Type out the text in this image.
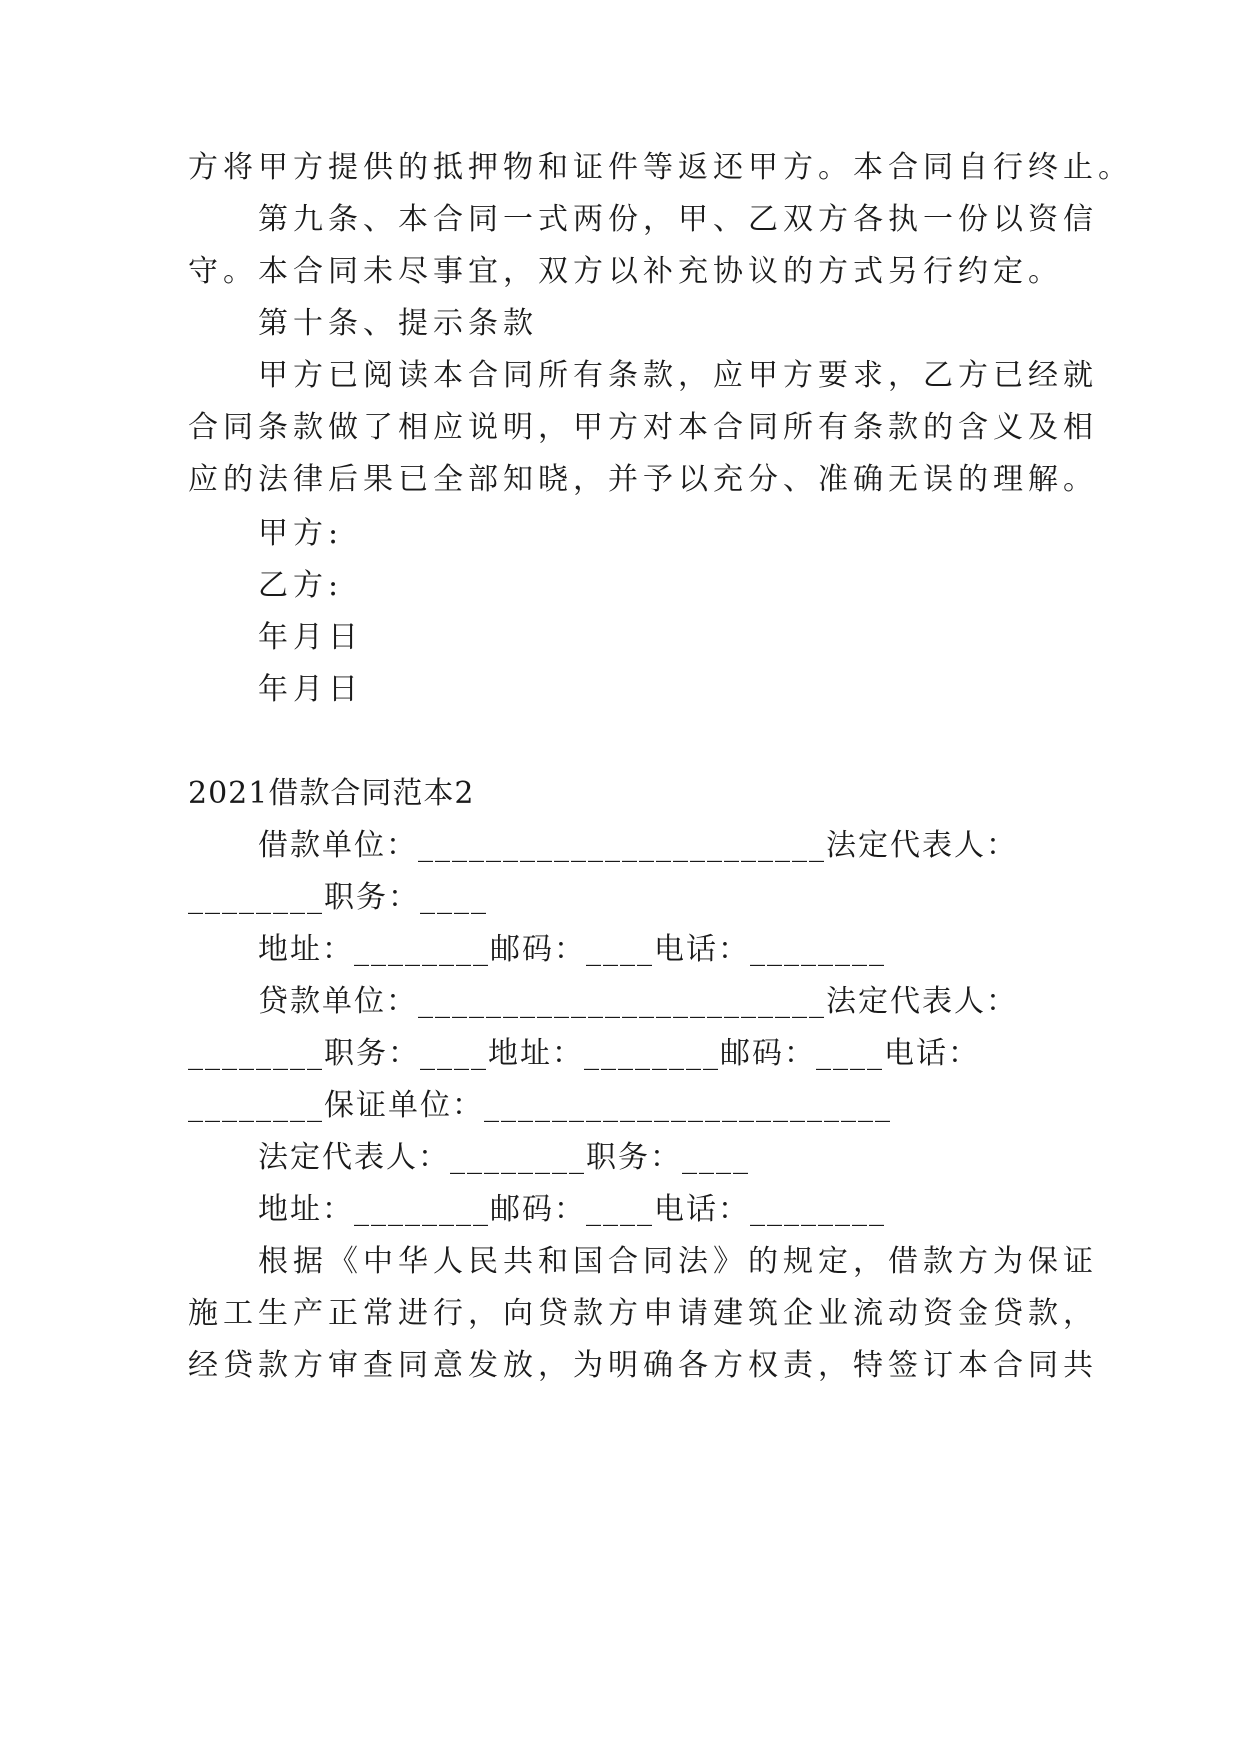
方将甲方提供的抵押物和证件等返还甲方。本合同自行终止。
第九条、本合同一式两份，甲、乙双方各执一份以资信
守。本合同未尽事宜，双方以补充协议的方式另行约定。
第十条、提示条款
甲方已阅读本合同所有条款，应甲方要求，乙方已经就
合同条款做了相应说明，甲方对本合同所有条款的含义及相
应的法律后果已全部知晓，并予以充分、准确无误的理解。
甲方:
乙方:
年月日
年月日
2021借款合同范本2
借款单位：________________________法定代表人：
________职务：____
地址：________邮码：____电话：________
贷款单位：________________________法定代表人：
________职务：____地址：________邮码：____电话：
________保证单位：________________________
法定代表人：________职务：____
地址：________邮码：____电话：________
根据《中华人民共和国合同法》的规定，借款方为保证
施工生产正常进行，向贷款方申请建筑企业流动资金贷款，
经贷款方审查同意发放，为明确各方权责，特签订本合同共
